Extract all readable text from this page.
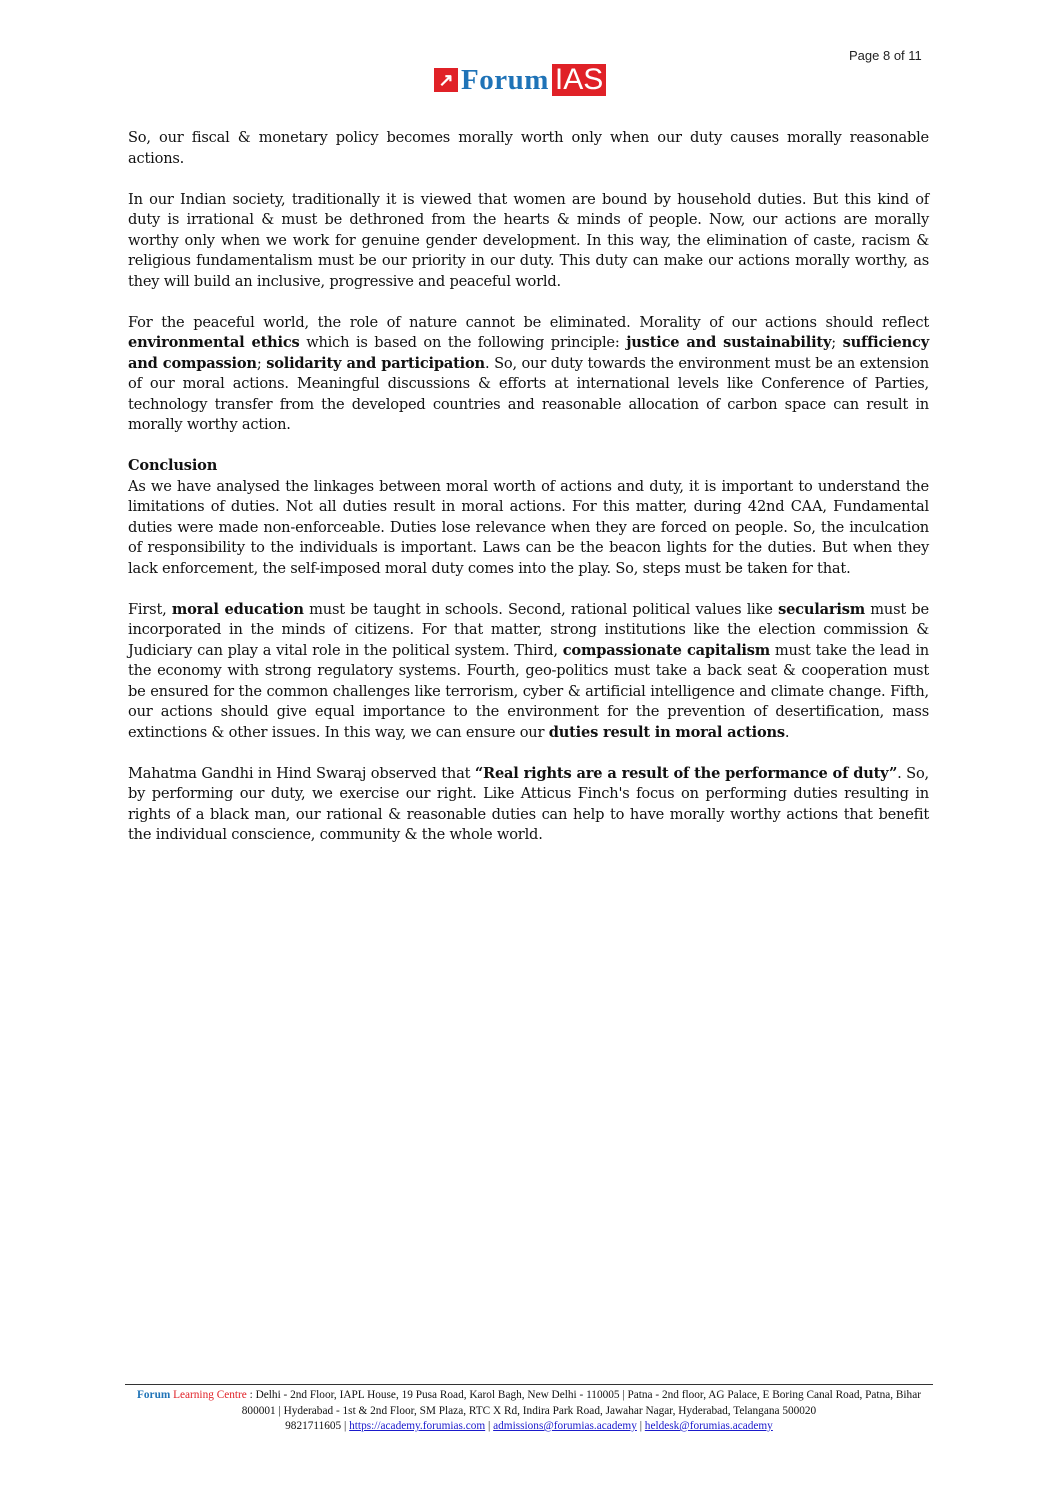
Page 8 of 11
↗ Forum IAS

So, our fiscal & monetary policy becomes morally worth only when our duty causes morally reasonable actions.

In our Indian society, traditionally it is viewed that women are bound by household duties. But this kind of duty is irrational & must be dethroned from the hearts & minds of people. Now, our actions are morally worthy only when we work for genuine gender development. In this way, the elimination of caste, racism & religious fundamentalism must be our priority in our duty. This duty can make our actions morally worthy, as they will build an inclusive, progressive and peaceful world.

For the peaceful world, the role of nature cannot be eliminated. Morality of our actions should reflect environmental ethics which is based on the following principle: justice and sustainability; sufficiency and compassion; solidarity and participation. So, our duty towards the environment must be an extension of our moral actions. Meaningful discussions & efforts at international levels like Conference of Parties, technology transfer from the developed countries and reasonable allocation of carbon space can result in morally worthy action.

Conclusion
As we have analysed the linkages between moral worth of actions and duty, it is important to understand the limitations of duties. Not all duties result in moral actions. For this matter, during 42nd CAA, Fundamental duties were made non-enforceable. Duties lose relevance when they are forced on people. So, the inculcation of responsibility to the individuals is important. Laws can be the beacon lights for the duties. But when they lack enforcement, the self-imposed moral duty comes into the play. So, steps must be taken for that.

First, moral education must be taught in schools. Second, rational political values like secularism must be incorporated in the minds of citizens. For that matter, strong institutions like the election commission & Judiciary can play a vital role in the political system. Third, compassionate capitalism must take the lead in the economy with strong regulatory systems. Fourth, geo-politics must take a back seat & cooperation must be ensured for the common challenges like terrorism, cyber & artificial intelligence and climate change. Fifth, our actions should give equal importance to the environment for the prevention of desertification, mass extinctions & other issues. In this way, we can ensure our duties result in moral actions.

Mahatma Gandhi in Hind Swaraj observed that “Real rights are a result of the performance of duty”. So, by performing our duty, we exercise our right. Like Atticus Finch's focus on performing duties resulting in rights of a black man, our rational & reasonable duties can help to have morally worthy actions that benefit the individual conscience, community & the whole world.

Forum Learning Centre : Delhi - 2nd Floor, IAPL House, 19 Pusa Road, Karol Bagh, New Delhi - 110005 | Patna - 2nd floor, AG Palace, E Boring Canal Road, Patna, Bihar 800001 | Hyderabad - 1st & 2nd Floor, SM Plaza, RTC X Rd, Indira Park Road, Jawahar Nagar, Hyderabad, Telangana 500020
9821711605 | https://academy.forumias.com | admissions@forumias.academy | heldesk@forumias.academy
